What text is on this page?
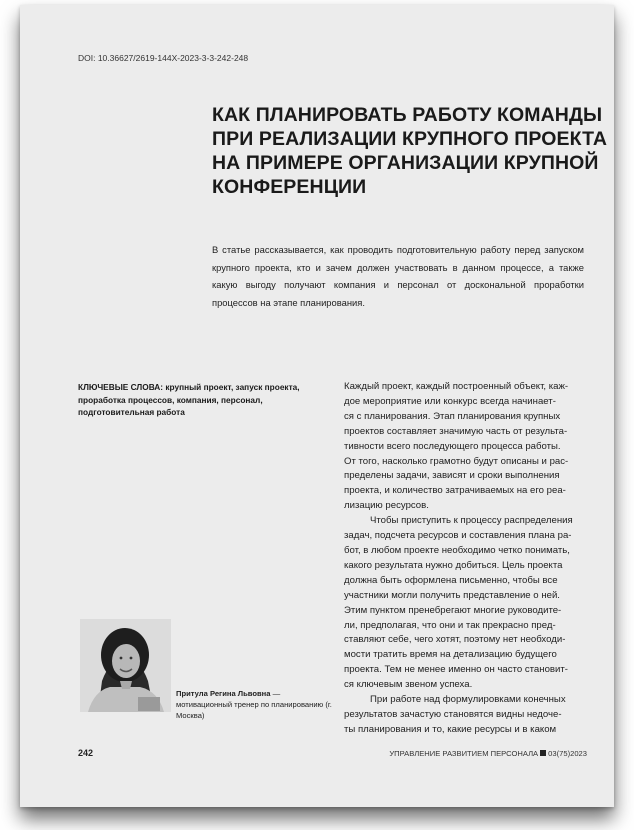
DOI: 10.36627/2619-144X-2023-3-3-242-248
КАК ПЛАНИРОВАТЬ РАБОТУ КОМАНДЫ
ПРИ РЕАЛИЗАЦИИ КРУПНОГО ПРОЕКТА
НА ПРИМЕРЕ ОРГАНИЗАЦИИ КРУПНОЙ
КОНФЕРЕНЦИИ
В статье рассказывается, как проводить подготовительную работу перед запуском крупного проекта, кто и зачем должен участвовать в данном процессе, а также какую выгоду получают компания и персонал от доскональной проработки процессов на этапе планирования.
КЛЮЧЕВЫЕ СЛОВА: крупный проект, запуск проекта, проработка процессов, компания, персонал, подготовительная работа
Притула Регина Львовна — мотивационный тренер по планированию (г. Москва)
Каждый проект, каждый построенный объект, каж-
дое мероприятие или конкурс всегда начинает-
ся с планирования. Этап планирования крупных
проектов составляет значимую часть от результа-
тивности всего последующего процесса работы.
От того, насколько грамотно будут описаны и рас-
пределены задачи, зависят и сроки выполнения
проекта, и количество затрачиваемых на его реа-
лизацию ресурсов.
Чтобы приступить к процессу распределения
задач, подсчета ресурсов и составления плана ра-
бот, в любом проекте необходимо четко понимать,
какого результата нужно добиться. Цель проекта
должна быть оформлена письменно, чтобы все
участники могли получить представление о ней.
Этим пунктом пренебрегают многие руководите-
ли, предполагая, что они и так прекрасно пред-
ставляют себе, чего хотят, поэтому нет необходи-
мости тратить время на детализацию будущего
проекта. Тем не менее именно он часто становит-
ся ключевым звеном успеха.
При работе над формулировками конечных
результатов зачастую становятся видны недоче-
ты планирования и то, какие ресурсы и в каком
242	УПРАВЛЕНИЕ РАЗВИТИЕМ ПЕРСОНАЛА 03(75)2023
